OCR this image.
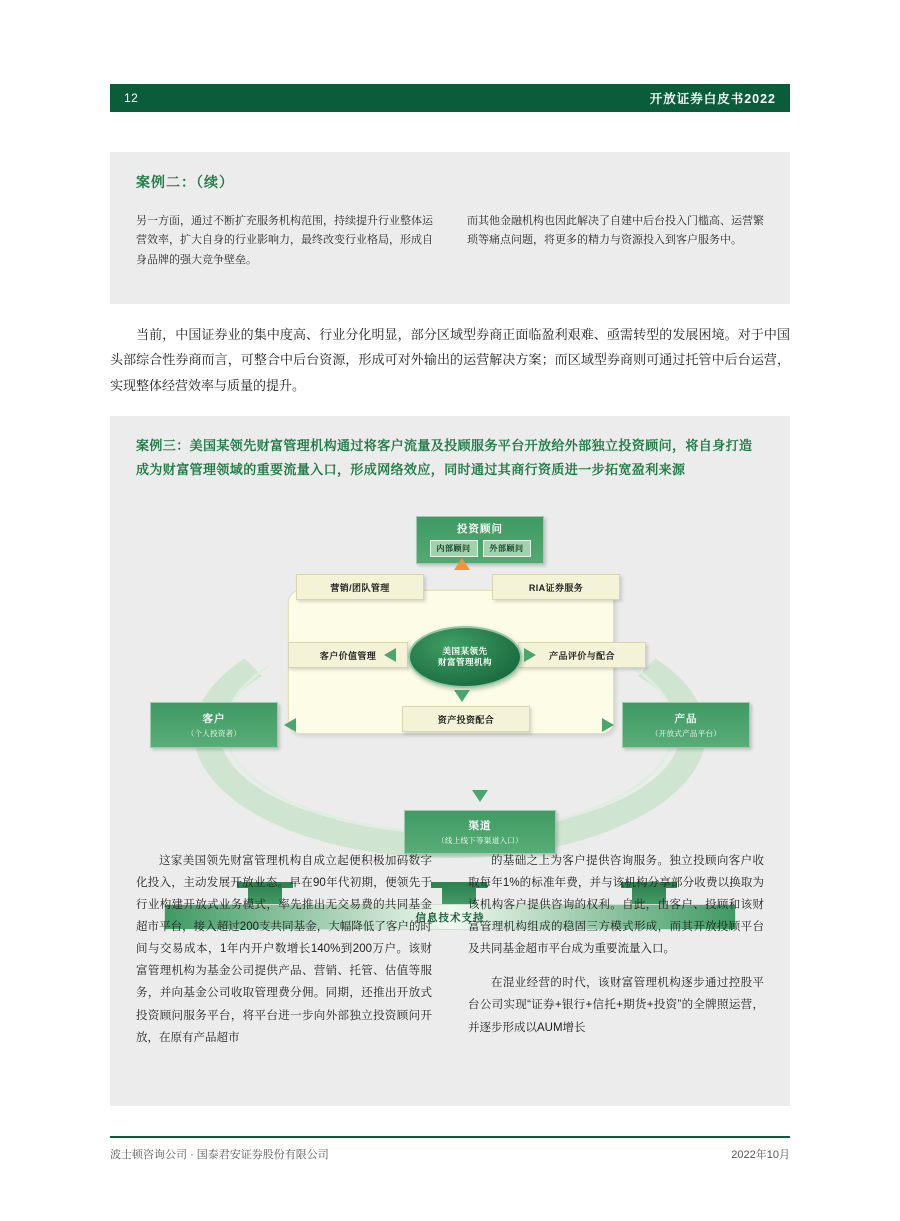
12	开放证券白皮书2022
案例二：（续）
另一方面，通过不断扩充服务机构范围，持续提升行业整体运营效率，扩大自身的行业影响力，最终改变行业格局，形成自身品牌的强大竞争壁垒。
而其他金融机构也因此解决了自建中后台投入门槛高、运营繁琐等痛点问题，将更多的精力与资源投入到客户服务中。
当前，中国证券业的集中度高、行业分化明显，部分区域型券商正面临盈利艰难、亟需转型的发展困境。对于中国头部综合性券商而言，可整合中后台资源，形成可对外输出的运营解决方案；而区域型券商则可通过托管中后台运营，实现整体经营效率与质量的提升。
案例三：美国某领先财富管理机构通过将客户流量及投顾服务平台开放给外部独立投资顾问，将自身打造成为财富管理领域的重要流量入口，形成网络效应，同时通过其商行资质进一步拓宽盈利来源
投资顾问
内部顾问	外部顾问
客户
（个人投资者）
产品
（开放式产品平台）
营销/团队管理	RIA证券服务
客户价值管理	产品评价与配合
资产投资配合
美国某领先
财富管理机构
渠道
（线上线下等渠道入口）
信息技术支持

这家美国领先财富管理机构自成立起便积极加码数字化投入，主动发展开放业态。早在90年代初期，便领先于行业构建开放式业务模式，率先推出无交易费的共同基金超市平台，接入超过200支共同基金，大幅降低了客户的时间与交易成本，1年内开户数增长140%到200万户。该财富管理机构为基金公司提供产品、营销、托管、估值等服务，并向基金公司收取管理费分佣。同期，还推出开放式投资顾问服务平台，将平台进一步向外部独立投资顾问开放，在原有产品超市

的基础之上为客户提供咨询服务。独立投顾向客户收取每年1%的标准年费，并与该机构分享部分收费以换取为该机构客户提供咨询的权利。自此，由客户、投顾和该财富管理机构组成的稳固三方模式形成，而其开放投顾平台及共同基金超市平台成为重要流量入口。

在混业经营的时代，该财富管理机构逐步通过控股平台公司实现“证券+银行+信托+期货+投资”的全牌照运营，并逐步形成以AUM增长

波士顿咨询公司 · 国泰君安证券股份有限公司	2022年10月
